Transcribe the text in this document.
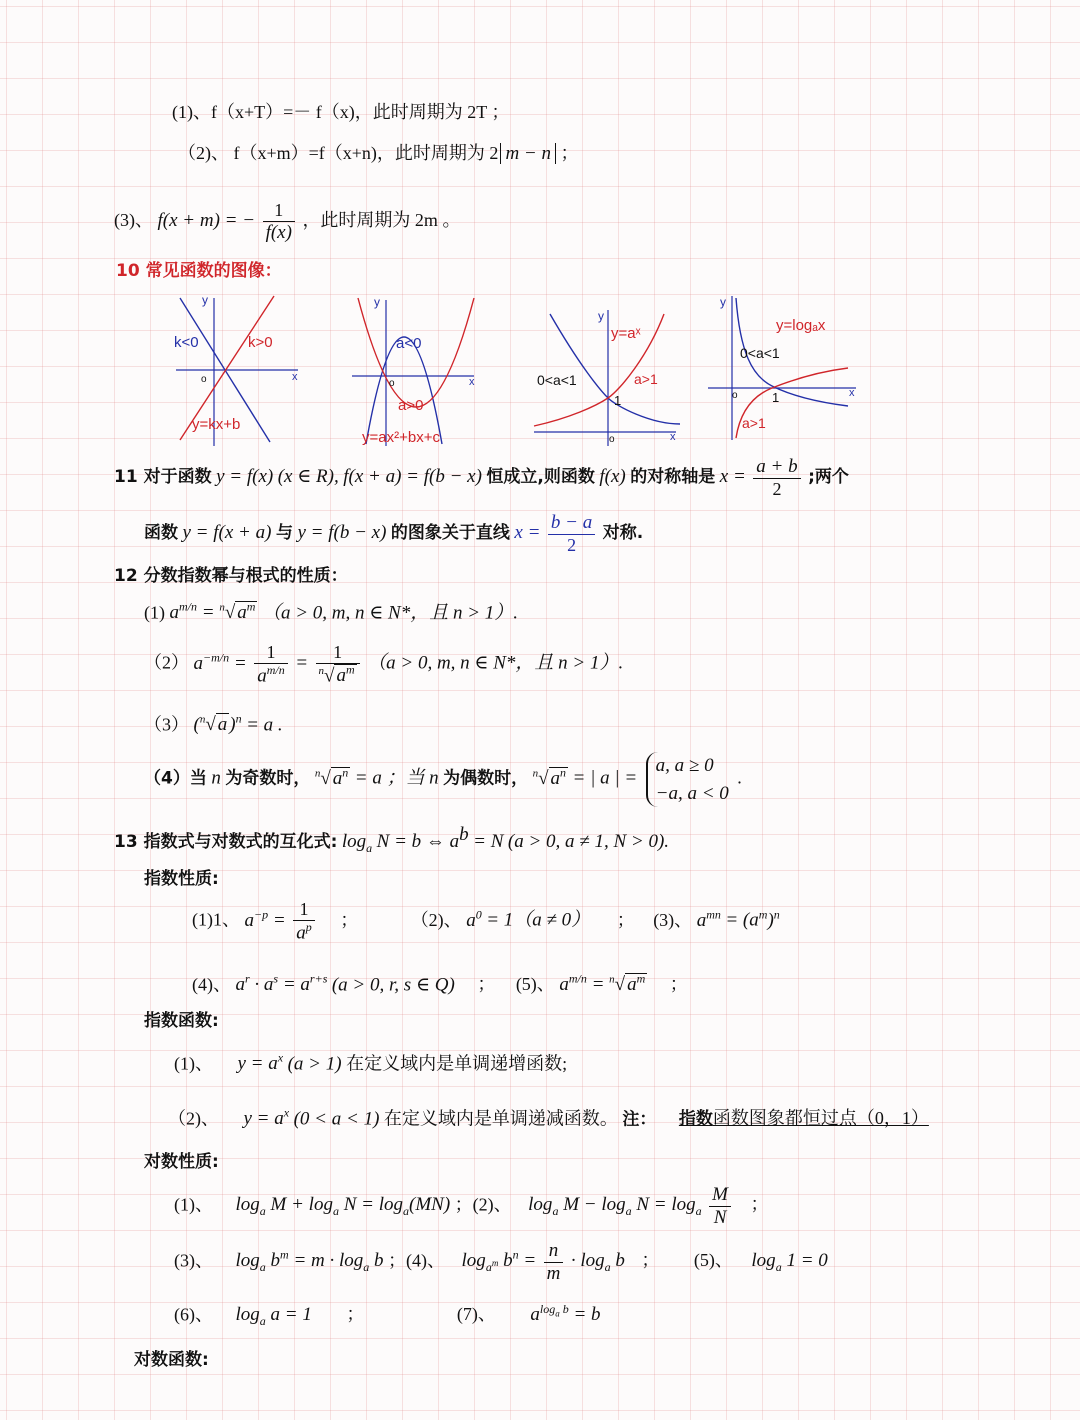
(1)、f（x+T）=－ f（x)，此时周期为 2T ；
（2)、 f（x+m）=f（x+n)，此时周期为 2 m − n ；
(3)、 f(x + m) = − $\frac{1}{f(x)}$ ，此时周期为 2m 。
10 常见函数的图像：
y
x
o
k<0	k>0
y=kx+b
y
x
o
a<0
a>0
y=ax²+bx+c
y
x
o
y=aˣ
0<a<1	a>1
1
y
x
o
y=logₐx
0<a<1
a>1
1
11 对于函数 y = f(x) (x ∈ R), f(x + a) = f(b − x) 恒成立,则函数 f(x) 的对称轴是 $x = \frac{a + b}{2}$ ;两个
函数 y = f(x + a) 与 y = f(b − x) 的图象关于直线 $x = \frac{b - a}{2}$ 对称.
12 分数指数幂与根式的性质：
(1) $a^{m/n} = ^n√$ $a^m$ （a > 0, m, n ∈ N*，且 n > 1）.
（2） $a^{-m/n} = \frac{1}{a^{m/n}} = \frac{1}{^n√ a^m} (a > 0$, m, n ∈ N*，且 n > 1）.
（3） ($^n$√ a )$^n$ = a .
（4）当 n 为奇数时， $^n$√ $a^n = a$ ；当 n 为偶数时， $^n$√ $a^n$ = | a | =
a, a ≥ 0
−a, a < 0
.
13 指数式与对数式的互化式: $\log_a N = b$ ⇔ $a^b = N$ (a > 0, a ≠ 1, N > 0).
指数性质:
(1)1、 $a^{-p} = \frac{1}{a^p}$ ；	（2)、 $a^0 = 1(a \ne 0)$ ； (3)、 $a^{mn} = (a^m)^n$
(4)、 $a^r \cdot a^s = a^{r+s}$ (a > 0, r, s ∈ Q) ； (5)、 $a^{m/n} = ^n√$ $a^m$ ；
指数函数:
(1)、 $y = a^x$ (a > 1) 在定义域内是单调递增函数;
（2)、 $y = a^x$ (0 < a < 1) 在定义域内是单调递减函数。 注： 指数函数图象都恒过点（0，1）
对数性质:
(1)、 $\log_a M + \log_a N = \log_a(MN)$ ；(2)、 $\log_a M - \log_a N = \log_a \frac{M}{N}$ ；
(3)、 $\log_a b^m = m \cdot \log_a b$ ；(4)、 $\log_{a^m} b^n = \frac{n}{m} \cdot \log_a b$ ； (5)、 $\log_a 1 = 0$
(6)、 $\log_a a = 1$ ；	(7)、 $a^{log_a b} = b$
对数函数:
